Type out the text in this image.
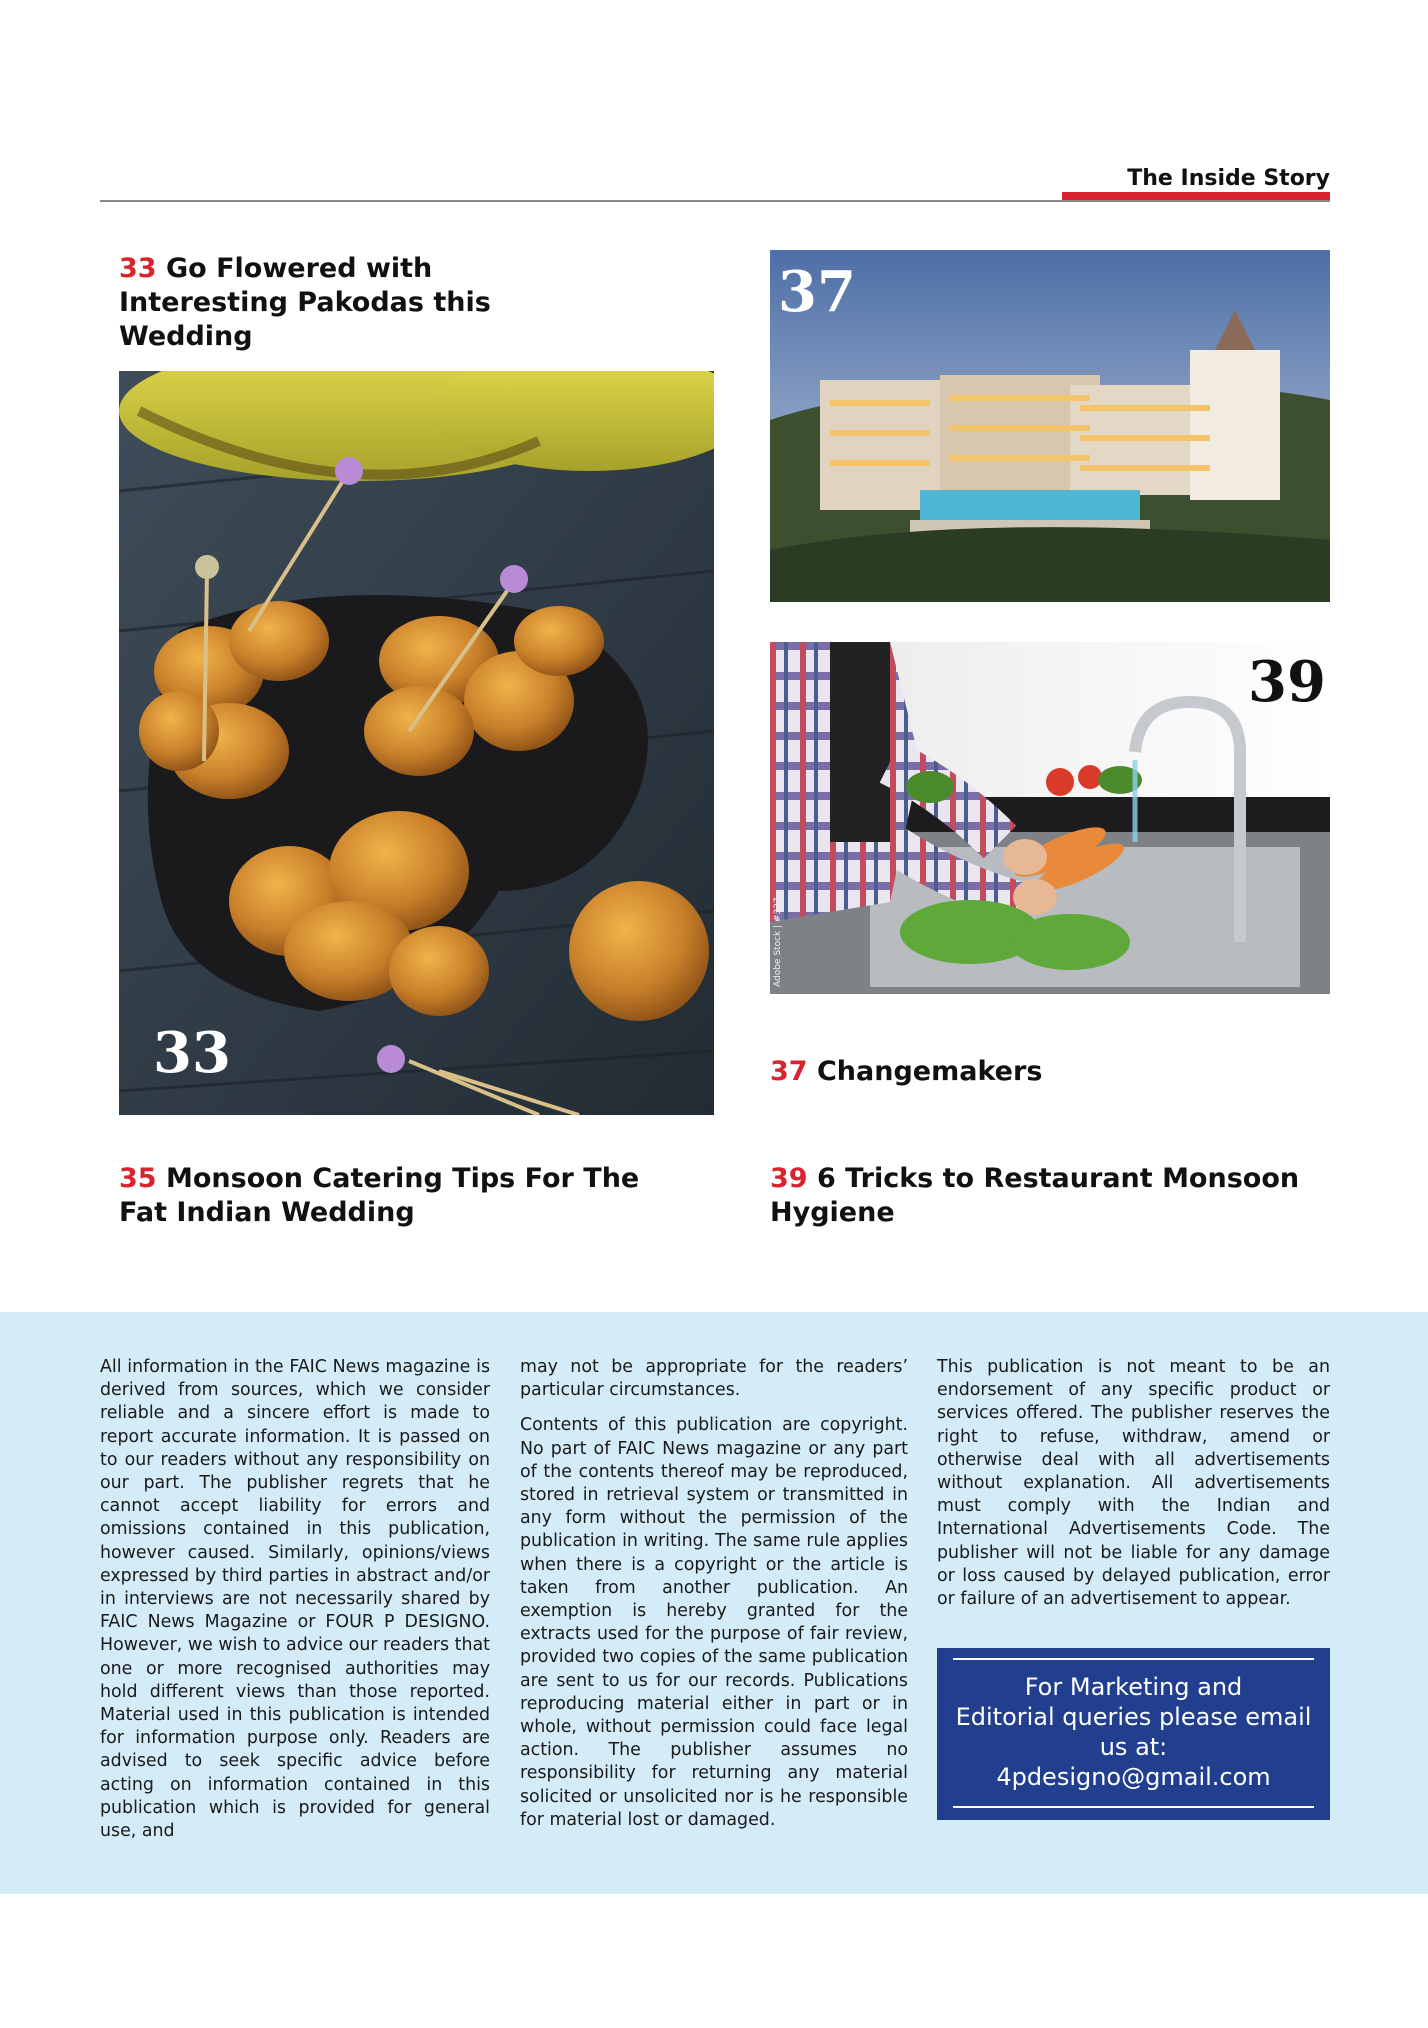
The Inside Story
33 Go Flowered with Interesting Pakodas this Wedding
33
37
Adobe Stock | #337
39
37 Changemakers
35 Monsoon Catering Tips For The Fat Indian Wedding
39 6 Tricks to Restaurant Monsoon Hygiene

All information in the FAIC News magazine is derived from sources, which we consider reliable and a sincere effort is made to report accurate information. It is passed on to our readers without any responsibility on our part. The publisher regrets that he cannot accept liability for errors and omissions contained in this publication, however caused. Similarly, opinions/views expressed by third parties in abstract and/or in interviews are not necessarily shared by FAIC News Magazine or FOUR P DESIGNO. However, we wish to advice our readers that one or more recognised authorities may hold different views than those reported. Material used in this publication is intended for information purpose only. Readers are advised to seek specific advice before acting on information contained in this publication which is provided for general use, and

may not be appropriate for the readers’ particular circumstances.

Contents of this publication are copyright. No part of FAIC News magazine or any part of the contents thereof may be reproduced, stored in retrieval system or transmitted in any form without the permission of the publication in writing. The same rule applies when there is a copyright or the article is taken from another publication. An exemption is hereby granted for the extracts used for the purpose of fair review, provided two copies of the same publication are sent to us for our records. Publications reproducing material either in part or in whole, without permission could face legal action. The publisher assumes no responsibility for returning any material solicited or unsolicited nor is he responsible for material lost or damaged.

This publication is not meant to be an endorsement of any specific product or services offered. The publisher reserves the right to refuse, withdraw, amend or otherwise deal with all advertisements without explanation. All advertisements must comply with the Indian and International Advertisements Code. The publisher will not be liable for any damage or loss caused by delayed publication, error or failure of an advertisement to appear.

For Marketing and
Editorial queries please email
us at:
4pdesigno@gmail.com
